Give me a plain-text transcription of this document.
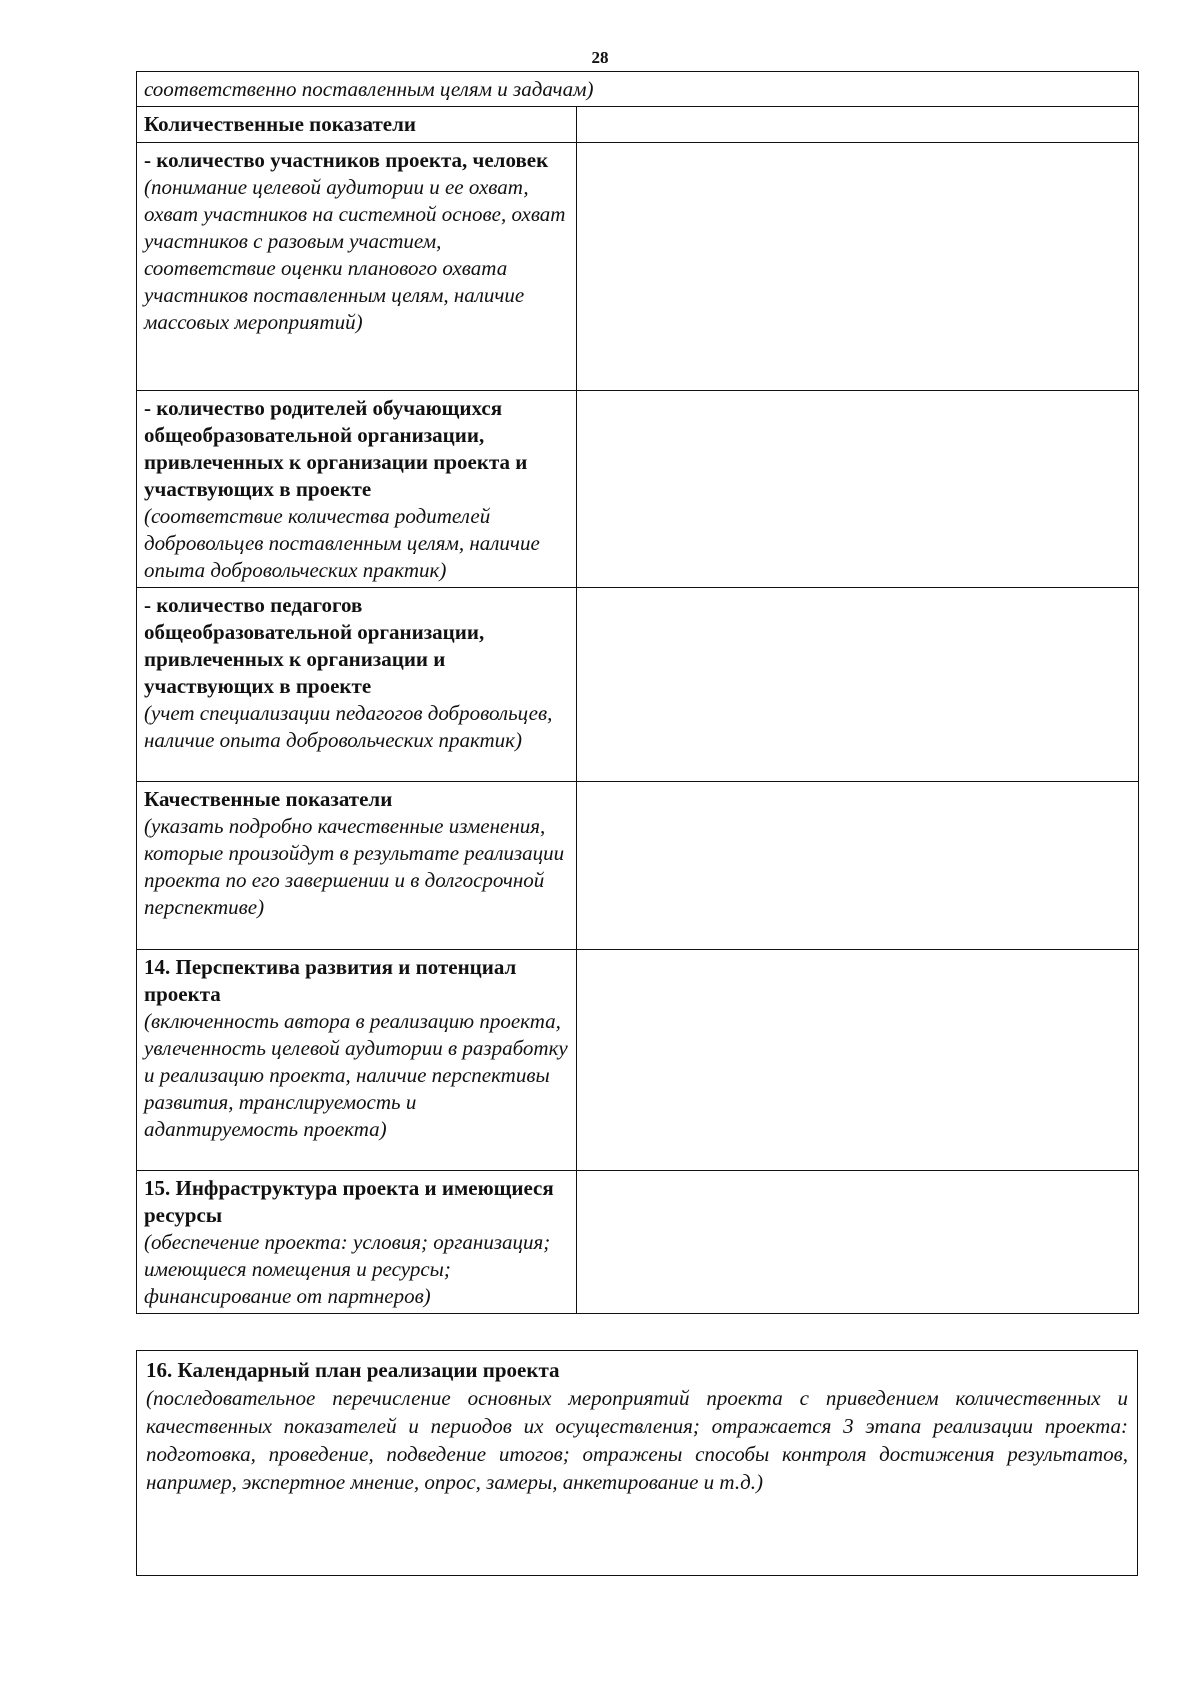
28
соответственно поставленным целям и задачам)	

Количественные показатели	

- количество участников проекта, человек
(понимание целевой аудитории и ее охват, охват участников на системной основе, охват участников с разовым участием, соответствие оценки планового охвата участников поставленным целям, наличие массовых мероприятий)	

- количество родителей обучающихся общеобразовательной организации, привлеченных к организации проекта и участвующих в проекте
(соответствие количества родителей добровольцев поставленным целям, наличие опыта добровольческих практик)	

- количество педагогов общеобразовательной организации, привлеченных к организации и участвующих в проекте
(учет специализации педагогов добровольцев, наличие опыта добровольческих практик)	

Качественные показатели
(указать подробно качественные изменения, которые произойдут в результате реализации проекта по его завершении и в долгосрочной перспективе)	

14. Перспектива развития и потенциал проекта
(включенность автора в реализацию проекта, увлеченность целевой аудитории в разработку и реализацию проекта, наличие перспективы развития, транслируемость и адаптируемость проекта)	

15. Инфраструктура проекта и имеющиеся ресурсы
(обеспечение проекта: условия; организация; имеющиеся помещения и ресурсы; финансирование от партнеров)	

16. Календарный план реализации проекта
(последовательное перечисление основных мероприятий проекта с приведением количественных и качественных показателей и периодов их осуществления; отражается 3 этапа реализации проекта: подготовка, проведение, подведение итогов; отражены способы контроля достижения результатов, например, экспертное мнение, опрос, замеры, анкетирование и т.д.)
